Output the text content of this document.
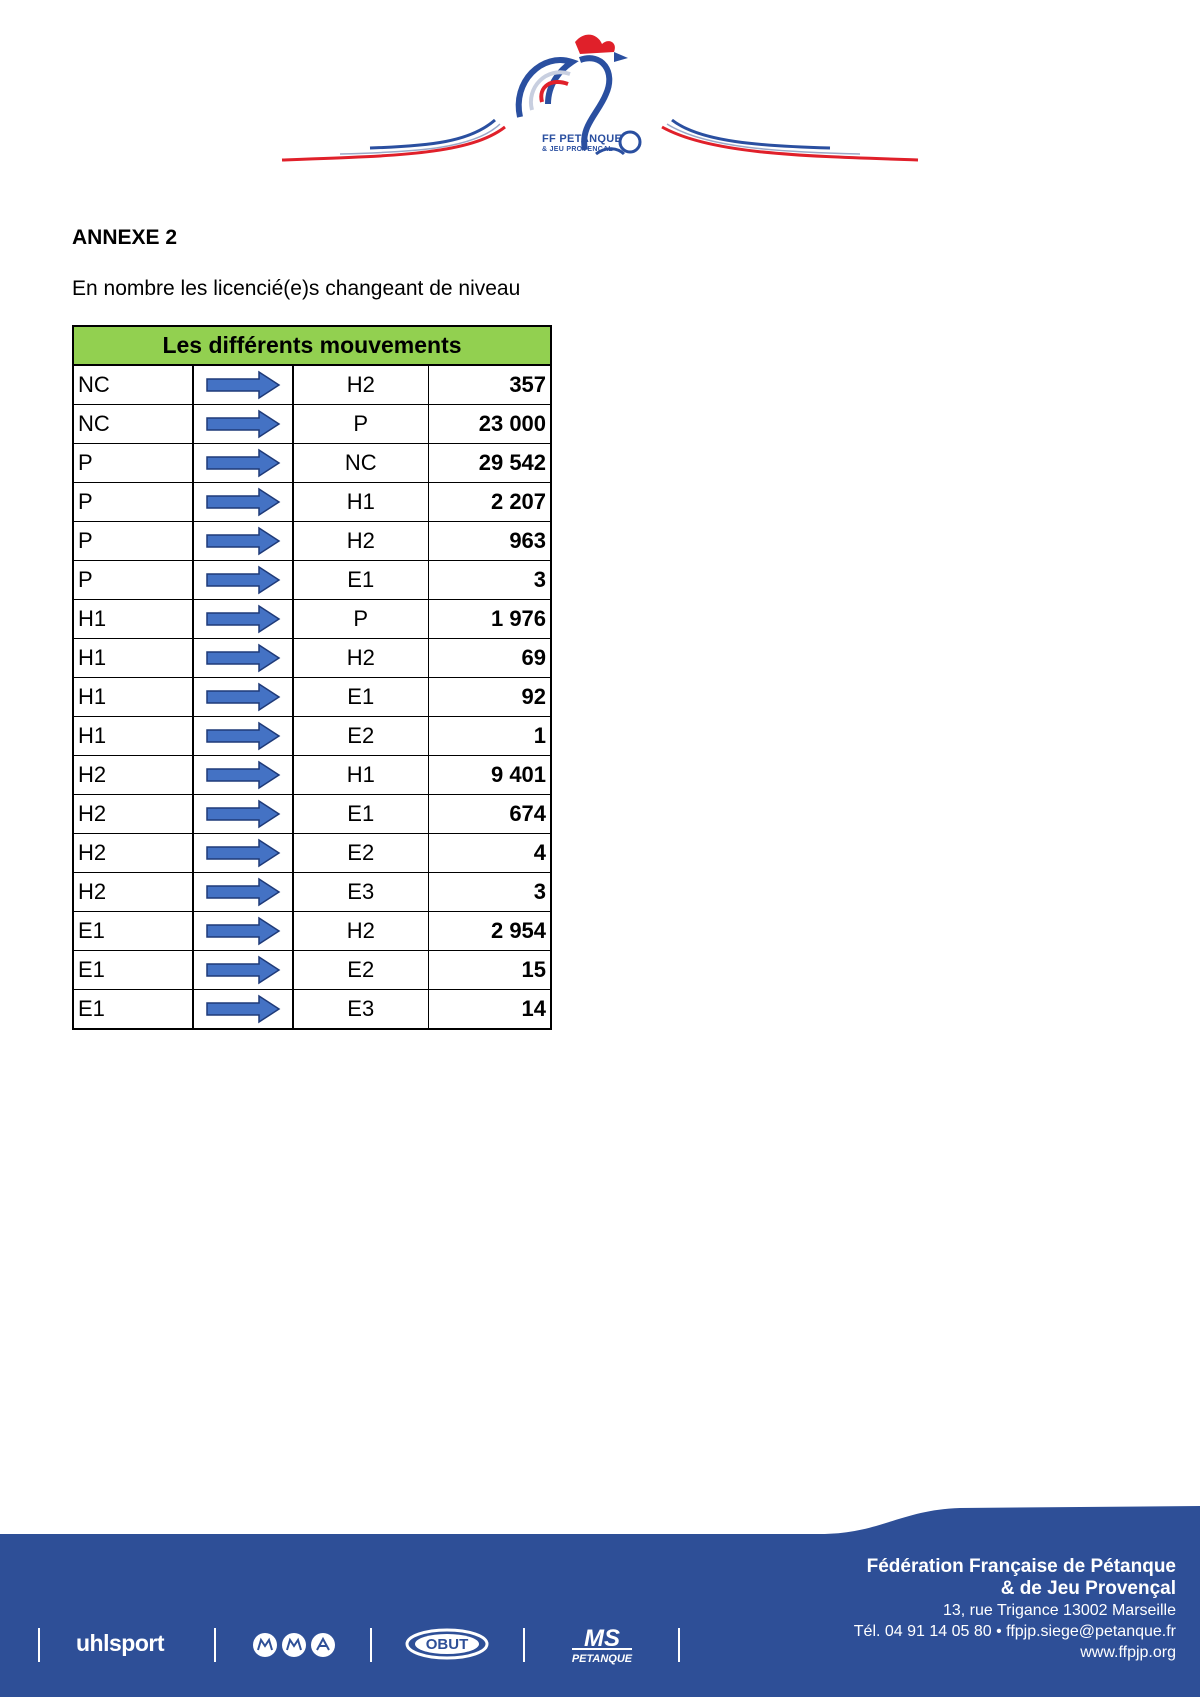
FF PETANQUE
& JEU PROVENÇAL
ANNEXE 2
En nombre les licencié(e)s changeant de niveau
Les différents mouvements			
NC		H2	357
NC		P	23 000
P		NC	29 542
P		H1	2 207
P		H2	963
P		E1	3
H1		P	1 976
H1		H2	69
H1		E1	92
H1		E2	1
H2		H1	9 401
H2		E1	674
H2		E2	4
H2		E3	3
E1		H2	2 954
E1		E2	15
E1		E3	14
uhlsport	OBUT	MS
PETANQUE
Fédération Française de Pétanque
& de Jeu Provençal
13, rue Trigance 13002 Marseille
Tél. 04 91 14 05 80 • ffpjp.siege@petanque.fr
www.ffpjp.org
